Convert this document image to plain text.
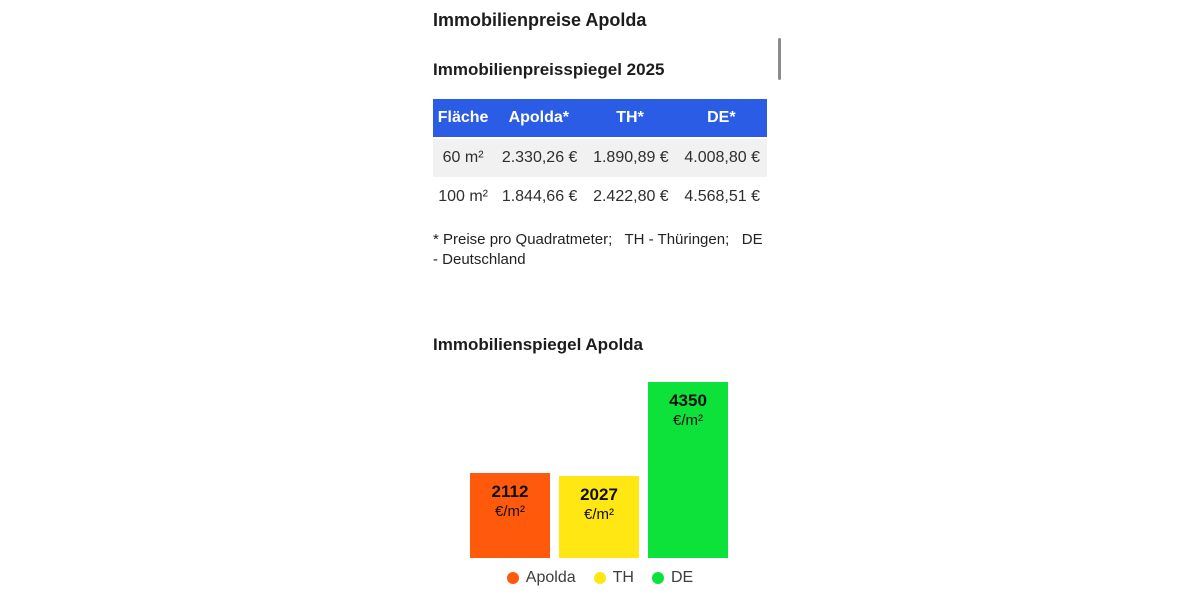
Immobilienpreise Apolda
Immobilienpreisspiegel 2025
Fläche	Apolda*	TH*	DE*
60 m²	2.330,26 €	1.890,89 €	4.008,80 €
100 m²	1.844,66 €	2.422,80 €	4.568,51 €

* Preise pro Quadratmeter;   TH - Thüringen;   DE - Deutschland

Immobilienspiegel Apolda
2112
€/m²
2027
€/m²
4350
€/m²
Apolda TH DE
